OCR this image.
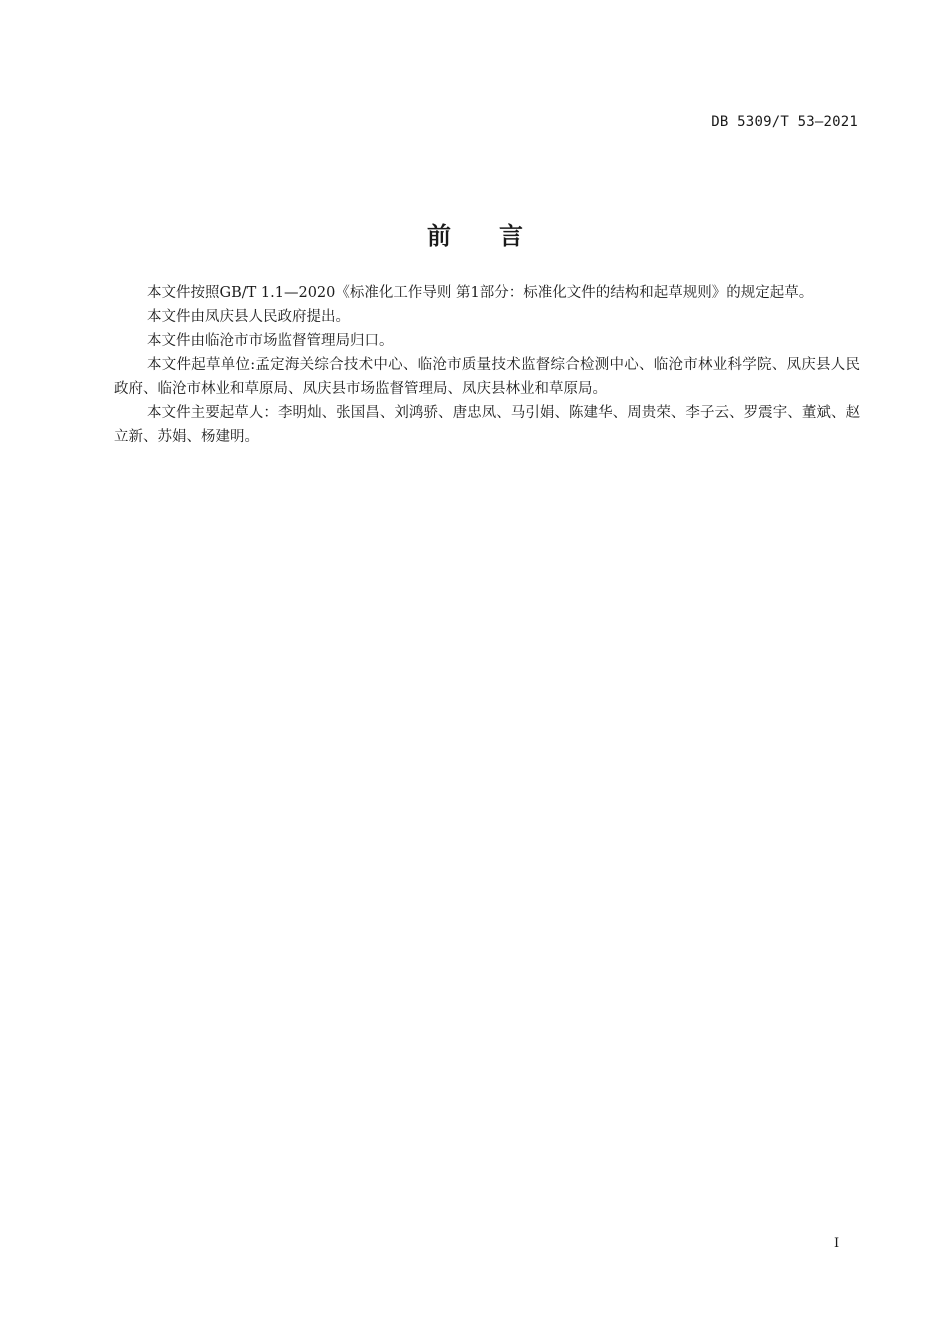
DB 5309/T 53—2021
前言

本文件按照GB/T 1.1—2020《标准化工作导则 第1部分：标准化文件的结构和起草规则》的规定起草。

本文件由凤庆县人民政府提出。

本文件由临沧市市场监督管理局归口。

本文件起草单位:孟定海关综合技术中心、临沧市质量技术监督综合检测中心、临沧市林业科学院、凤庆县人民政府、临沧市林业和草原局、凤庆县市场监督管理局、凤庆县林业和草原局。

本文件主要起草人：李明灿、张国昌、刘鸿骄、唐忠凤、马引娟、陈建华、周贵荣、李子云、罗震宇、董斌、赵立新、苏娟、杨建明。

I
